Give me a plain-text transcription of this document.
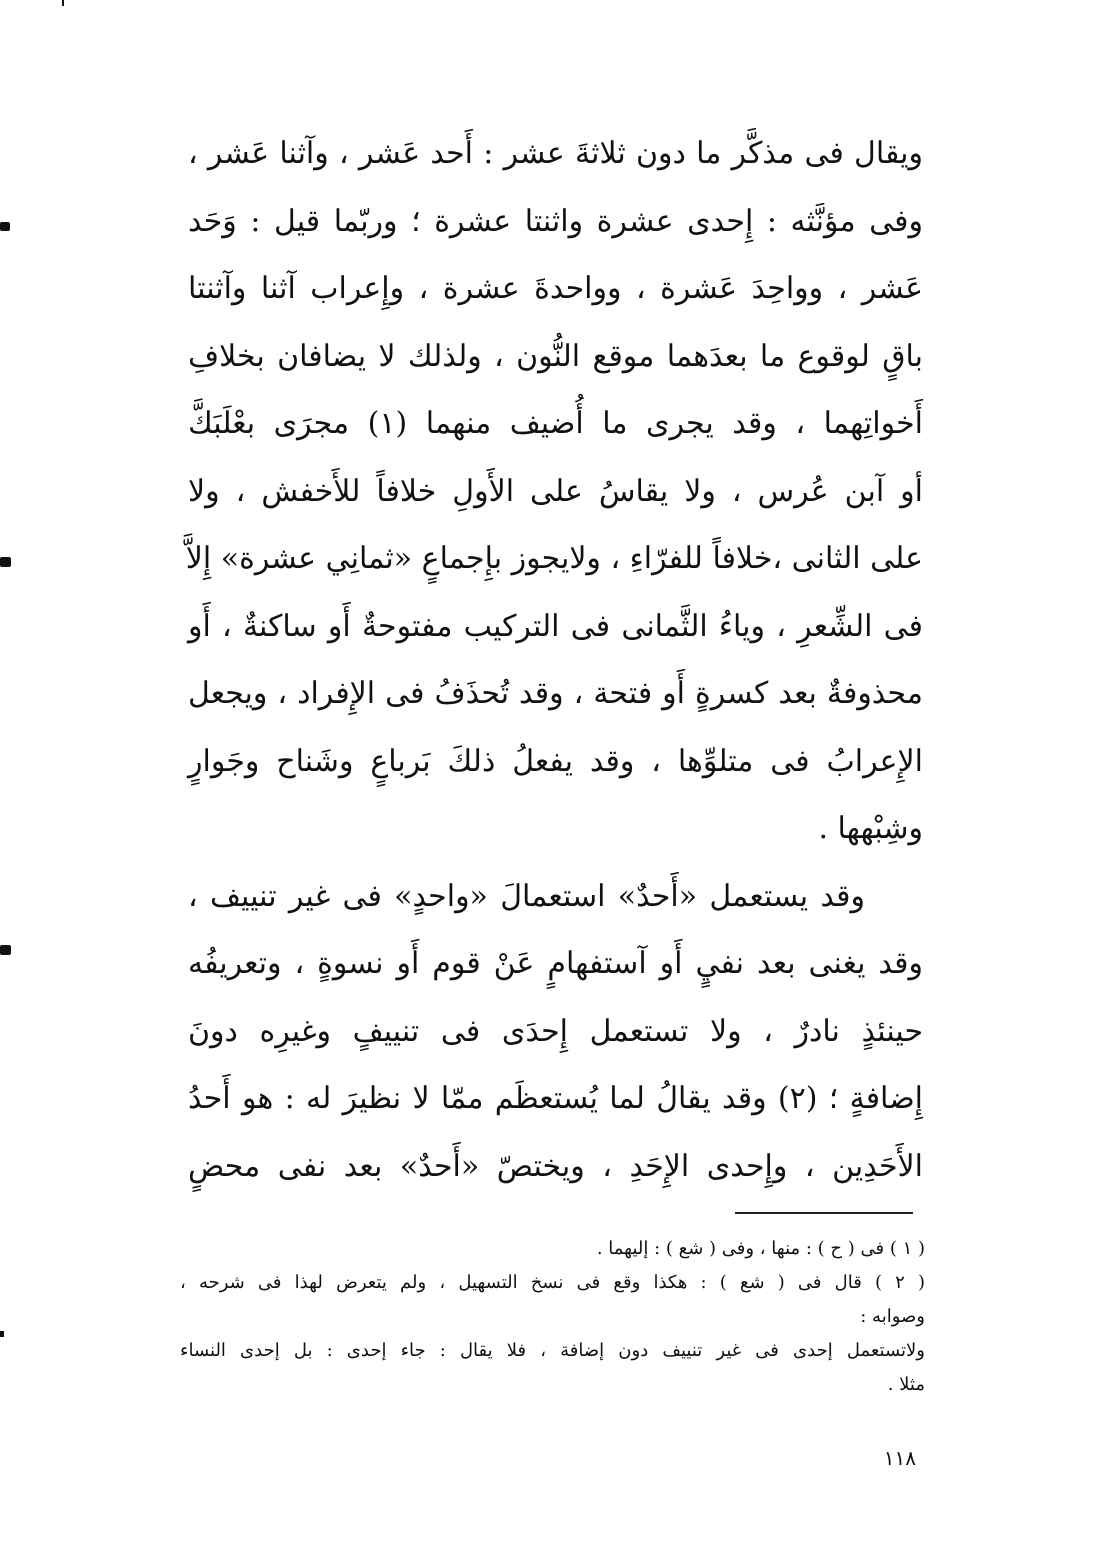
ويقال فى مذكَّر ما دون ثلاثةَ عشر : أَحد عَشر ، وآثنا عَشر ،
وفى مؤنَّثه : إِحدى عشرة واثنتا عشرة ؛ وربّما قيل : وَحَد
عَشر ، وواحِدَ عَشرة ، وواحدةَ عشرة ، وإِعراب آثنا وآثنتا
باقٍ لوقوع ما بعدَهما موقع النُّون ، ولذلك لا يضافان بخلافِ
أَخواتِهما ، وقد يجرى ما أُضيف منهما (١) مجرَى بعْلَبَكَّ
أو آبن عُرس ، ولا يقاسُ على الأَولِ خلافاً للأَخفش ، ولا
على الثانى ،خلافاً للفرّاءِ ، ولايجوز بإِجماعٍ «ثمانِي عشرة» إِلاَّ
فى الشِّعرِ ، وياءُ الثَّمانى فى التركيب مفتوحةٌ أَو ساكنةٌ ، أَو
محذوفةٌ بعد كسرةٍ أَو فتحة ، وقد تُحذَفُ فى الإِفراد ، ويجعل
الإِعرابُ فى متلوِّها ، وقد يفعلُ ذلكَ بَرباعٍ وشَناح وجَوارٍ
وشِبْهها .
وقد يستعمل «أَحدٌ» استعمالَ «واحدٍ» فى غير تنييف ،
وقد يغنى بعد نفيٍ أَو آستفهامٍ عَنْ قوم أَو نسوةٍ ، وتعريفُه
حينئذٍ نادرٌ ، ولا تستعمل إِحدَى فى تنييفٍ وغيرِه دونَ
إِضافةٍ ؛ (٢) وقد يقالُ لما يُستعظَم ممّا لا نظيرَ له : هو أَحدُ
الأَحَدِين ، وإِحدى الإِحَدِ ، ويختصّ «أَحدٌ» بعد نفى محضٍ
( ١ ) فى ( ح ) : منها ، وفى ( شع ) : إليهما .
( ٢ ) قال فى ( شع ) : هكذا وقع فى نسخ التسهيل ، ولم يتعرض لهذا فى شرحه ،
وصوابه :
ولاتستعمل إحدى فى غير تنييف دون إضافة ، فلا يقال : جاء إحدى : بل إحدى النساء
مثلا .
١١٨
